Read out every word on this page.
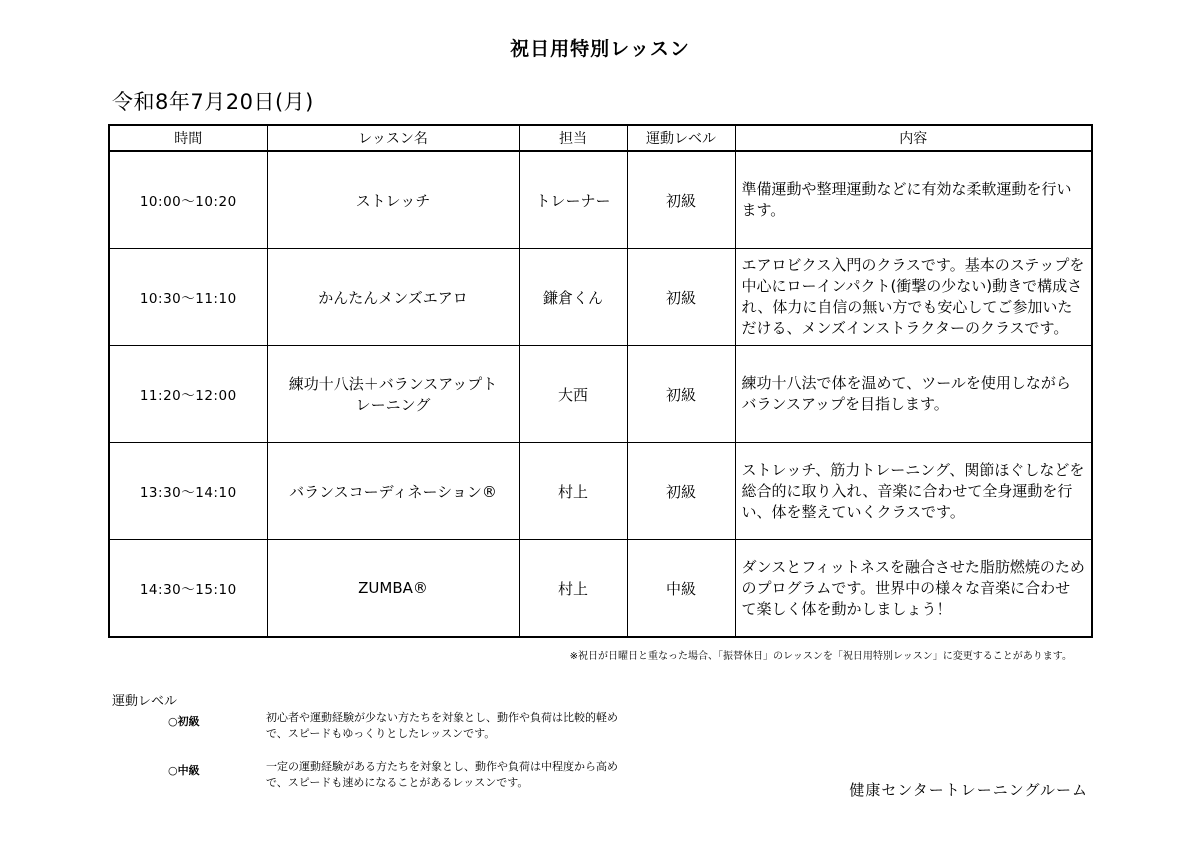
祝日用特別レッスン
令和8年7月20日(月)
時間	レッスン名	担当	運動レベル	内容
10:00～10:20	ストレッチ	トレーナー	初級	準備運動や整理運動などに有効な柔軟運動を行います。
10:30～11:10	かんたんメンズエアロ	鎌倉くん	初級	エアロビクス入門のクラスです。基本のステップを中心にローインパクト(衝撃の少ない)動きで構成され、体力に自信の無い方でも安心してご参加いただける、メンズインストラクターのクラスです。
11:20～12:00	練功十八法＋バランスアップトレーニング	大西	初級	練功十八法で体を温めて、ツールを使用しながらバランスアップを目指します。
13:30～14:10	バランスコーディネーション®	村上	初級	ストレッチ、筋力トレーニング、関節ほぐしなどを総合的に取り入れ、音楽に合わせて全身運動を行い、体を整えていくクラスです。
14:30～15:10	ZUMBA®	村上	中級	ダンスとフィットネスを融合させた脂肪燃焼のためのプログラムです。世界中の様々な音楽に合わせて楽しく体を動かしましょう！
※祝日が日曜日と重なった場合、「振替休日」のレッスンを「祝日用特別レッスン」に変更することがあります。
運動レベル
○初級	初心者や運動経験が少ない方たちを対象とし、動作や負荷は比較的軽めで、スピードもゆっくりとしたレッスンです。
○中級	一定の運動経験がある方たちを対象とし、動作や負荷は中程度から高めで、スピードも速めになることがあるレッスンです。	健康センタートレーニングルーム
